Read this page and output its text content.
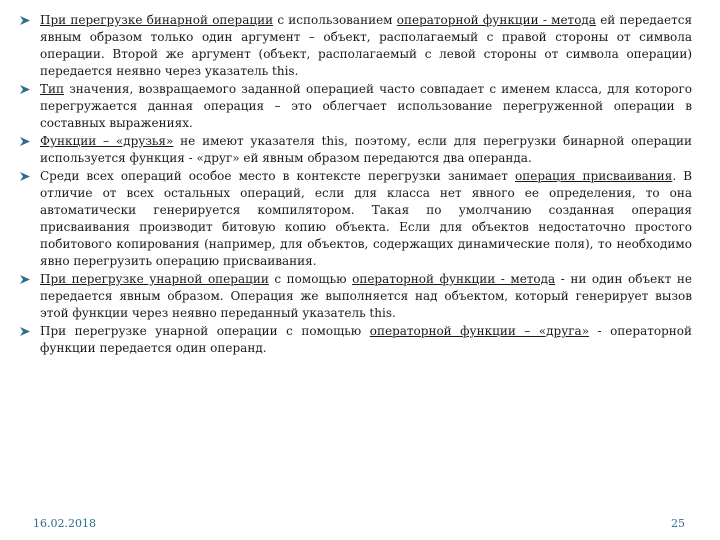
При перегрузке бинарной операции с использованием операторной функции - метода ей передается явным образом только один аргумент – объект, располагаемый с правой стороны от символа операции. Второй же аргумент (объект, располагаемый с левой стороны от символа операции) передается неявно через указатель this.
Тип значения, возвращаемого заданной операцией часто совпадает с именем класса, для которого перегружается данная операция – это облегчает использование перегруженной операции в составных выражениях.
Функции – «друзья» не имеют указателя this, поэтому, если для перегрузки бинарной операции используется функция - «друг» ей явным образом передаются два операнда.
Среди всех операций особое место в контексте перегрузки занимает операция присваивания. В отличие от всех остальных операций, если для класса нет явного ее определения, то она автоматически генерируется компилятором. Такая по умолчанию созданная операция присваивания производит битовую копию объекта. Если для объектов недостаточно простого побитового копирования (например, для объектов, содержащих динамические поля), то необходимо явно перегрузить операцию присваивания.
При перегрузке унарной операции с помощью операторной функции - метода - ни один объект не передается явным образом. Операция же выполняется над объектом, который генерирует вызов этой функции через неявно переданный указатель this.
При перегрузке унарной операции с помощью операторной функции – «друга» - операторной функции передается один операнд.
16.02.2018	25
